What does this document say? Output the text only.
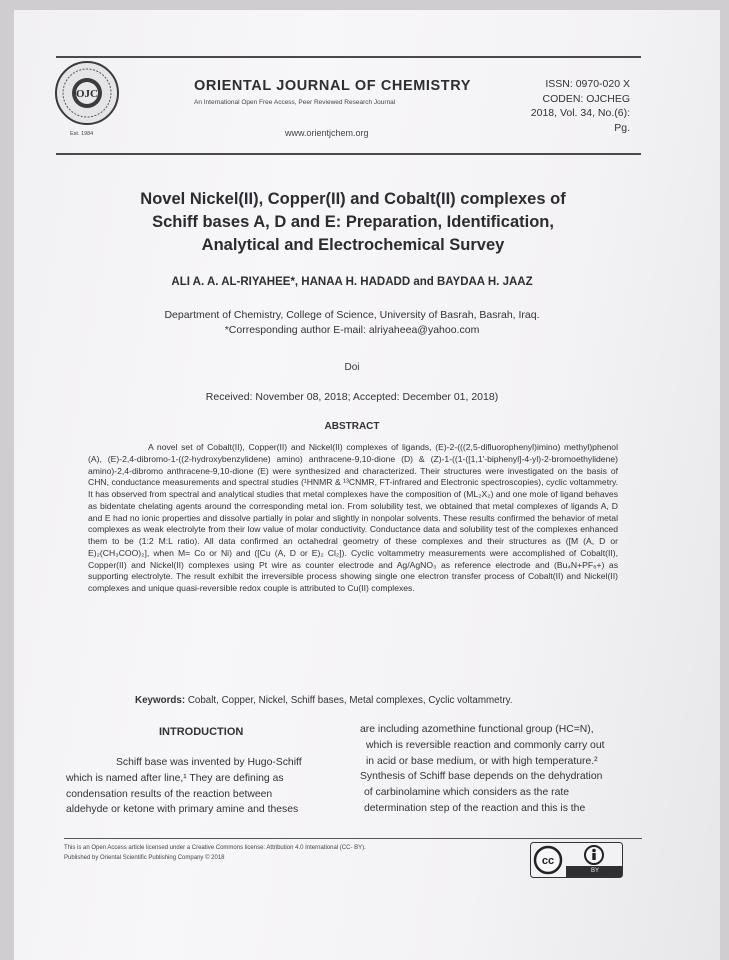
OJC
Est. 1984
ORIENTAL JOURNAL OF CHEMISTRY
An International Open Free Access, Peer Reviewed Research Journal
www.orientjchem.org
ISSN: 0970-020 X
CODEN: OJCHEG
2018, Vol. 34, No.(6):
Pg.
Novel Nickel(II), Copper(II) and Cobalt(II) complexes of
Schiff bases A, D and E: Preparation, Identification,
Analytical and Electrochemical Survey
ALI A. A. AL-RIYAHEE*, HANAA H. HADADD and BAYDAA H. JAAZ
Department of Chemistry, College of Science, University of Basrah, Basrah, Iraq.
*Corresponding author E-mail: alriyaheea@yahoo.com
Doi
Received: November 08, 2018; Accepted: December 01, 2018)
ABSTRACT

A novel set of Cobalt(II), Copper(II) and Nickel(II) complexes of ligands, (E)-2-(((2,5-difluorophenyl)imino) methyl)phenol (A), (E)-2,4-dibromo-1-((2-hydroxybenzylidene) amino) anthracene-9,10-dione (D) & (Z)-1-((1-([1,1'-biphenyl]-4-yl)-2-bromoethylidene) amino)-2,4-dibromo anthracene-9,10-dione (E) were synthesized and characterized. Their structures were investigated on the basis of CHN, conductance measurements and spectral studies (¹HNMR & ¹³CNMR, FT-infrared and Electronic spectroscopies), cyclic voltammetry. It has observed from spectral and analytical studies that metal complexes have the composition of (ML₂X₂) and one mole of ligand behaves as bidentate chelating agents around the corresponding metal ion. From solubility test, we obtained that metal complexes of ligands A, D and E had no ionic properties and dissolve partially in polar and slightly in nonpolar solvents. These results confirmed the behavior of metal complexes as weak electrolyte from their low value of molar conductivity. Conductance data and solubility test of the complexes enhanced them to be (1:2 M:L ratio). All data confirmed an octahedral geometry of these complexes and their structures as ([M (A, D or E)₂(CH₃COO)₂], when M= Co or Ni) and ([Cu (A, D or E)₂ Cl₂]). Cyclic voltammetry measurements were accomplished of Cobalt(II), Copper(II) and Nickel(II) complexes using Pt wire as counter electrode and Ag/AgNO₃ as reference electrode and (Bu₄N+PF₆+) as supporting electrolyte. The result exhibit the irreversible process showing single one electron transfer process of Cobalt(II) and Nickel(II) complexes and unique quasi-reversible redox couple is attributed to Cu(II) complexes.

Keywords: Cobalt, Copper, Nickel, Schiff bases, Metal complexes, Cyclic voltammetry.
INTRODUCTION
Schiff base was invented by Hugo-Schiff
which is named after line,¹ They are defining as
condensation results of the reaction between
aldehyde or ketone with primary amine and theses
are including azomethine functional group (HC=N),
which is reversible reaction and commonly carry out
in acid or base medium, or with high temperature.²
Synthesis of Schiff base depends on the dehydration
of carbinolamine which considers as the rate
determination step of the reaction and this is the
This is an Open Access article licensed under a Creative Commons license: Attribution 4.0 International (CC- BY).
Published by Oriental Scientific Publishing Company © 2018	cc
BY
